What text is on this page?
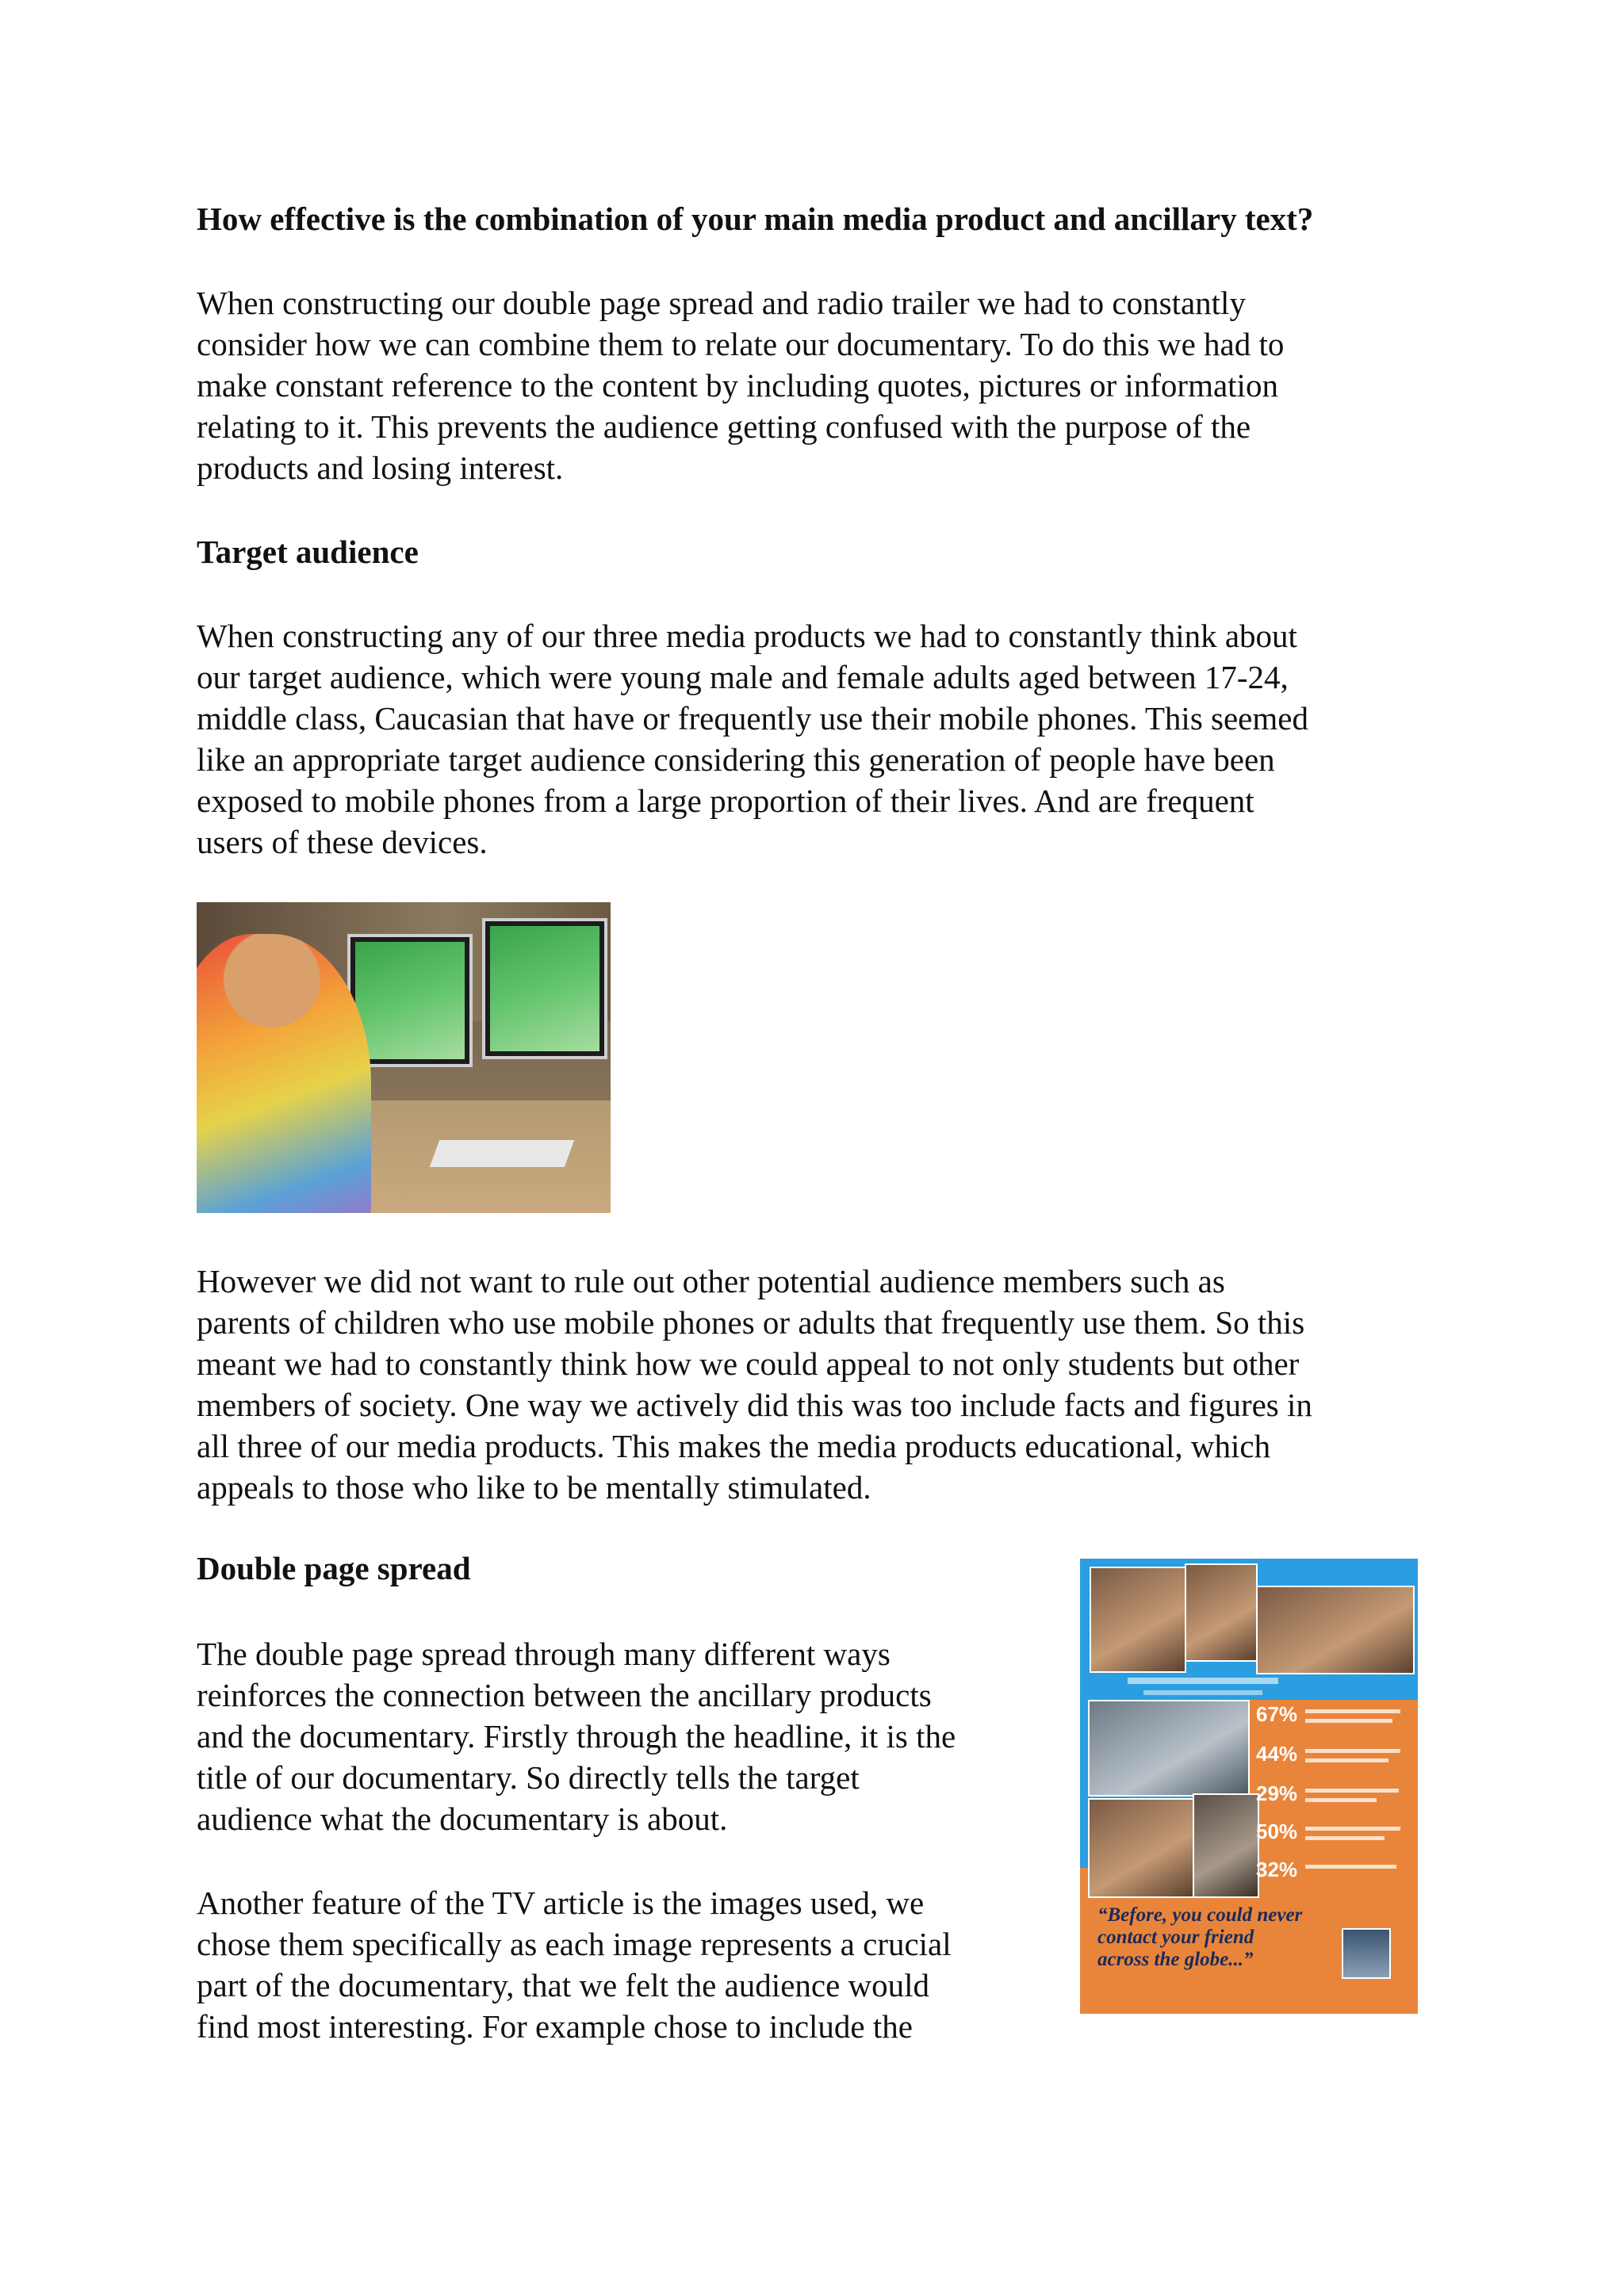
How effective is the combination of your main media product and ancillary text?

When constructing our double page spread and radio trailer we had to constantly
consider how we can combine them to relate our documentary. To do this we had to
make constant reference to the content by including quotes, pictures or information
relating to it. This prevents the audience getting confused with the purpose of the
products and losing interest.

Target audience

When constructing any of our three media products we had to constantly think about
our target audience, which were young male and female adults aged between 17-24,
middle class, Caucasian that have or frequently use their mobile phones. This seemed
like an appropriate target audience considering this generation of people have been
exposed to mobile phones from a large proportion of their lives. And are frequent
users of these devices.

However we did not want to rule out other potential audience members such as
parents of children who use mobile phones or adults that frequently use them. So this
meant we had to constantly think how we could appeal to not only students but other
members of society. One way we actively did this was too include facts and figures in
all three of our media products. This makes the media products educational, which
appeals to those who like to be mentally stimulated.

Double page spread

The double page spread through many different ways
reinforces the connection between the ancillary products
and the documentary. Firstly through the headline, it is the
title of our documentary. So directly tells the target
audience what the documentary is about.

Another feature of the TV article is the images used, we
chose them specifically as each image represents a crucial
part of the documentary, that we felt the audience would
find most interesting. For example chose to include the

67%
44%
29%
50%
32%
“Before, you could never
contact your friend
across the globe...”
